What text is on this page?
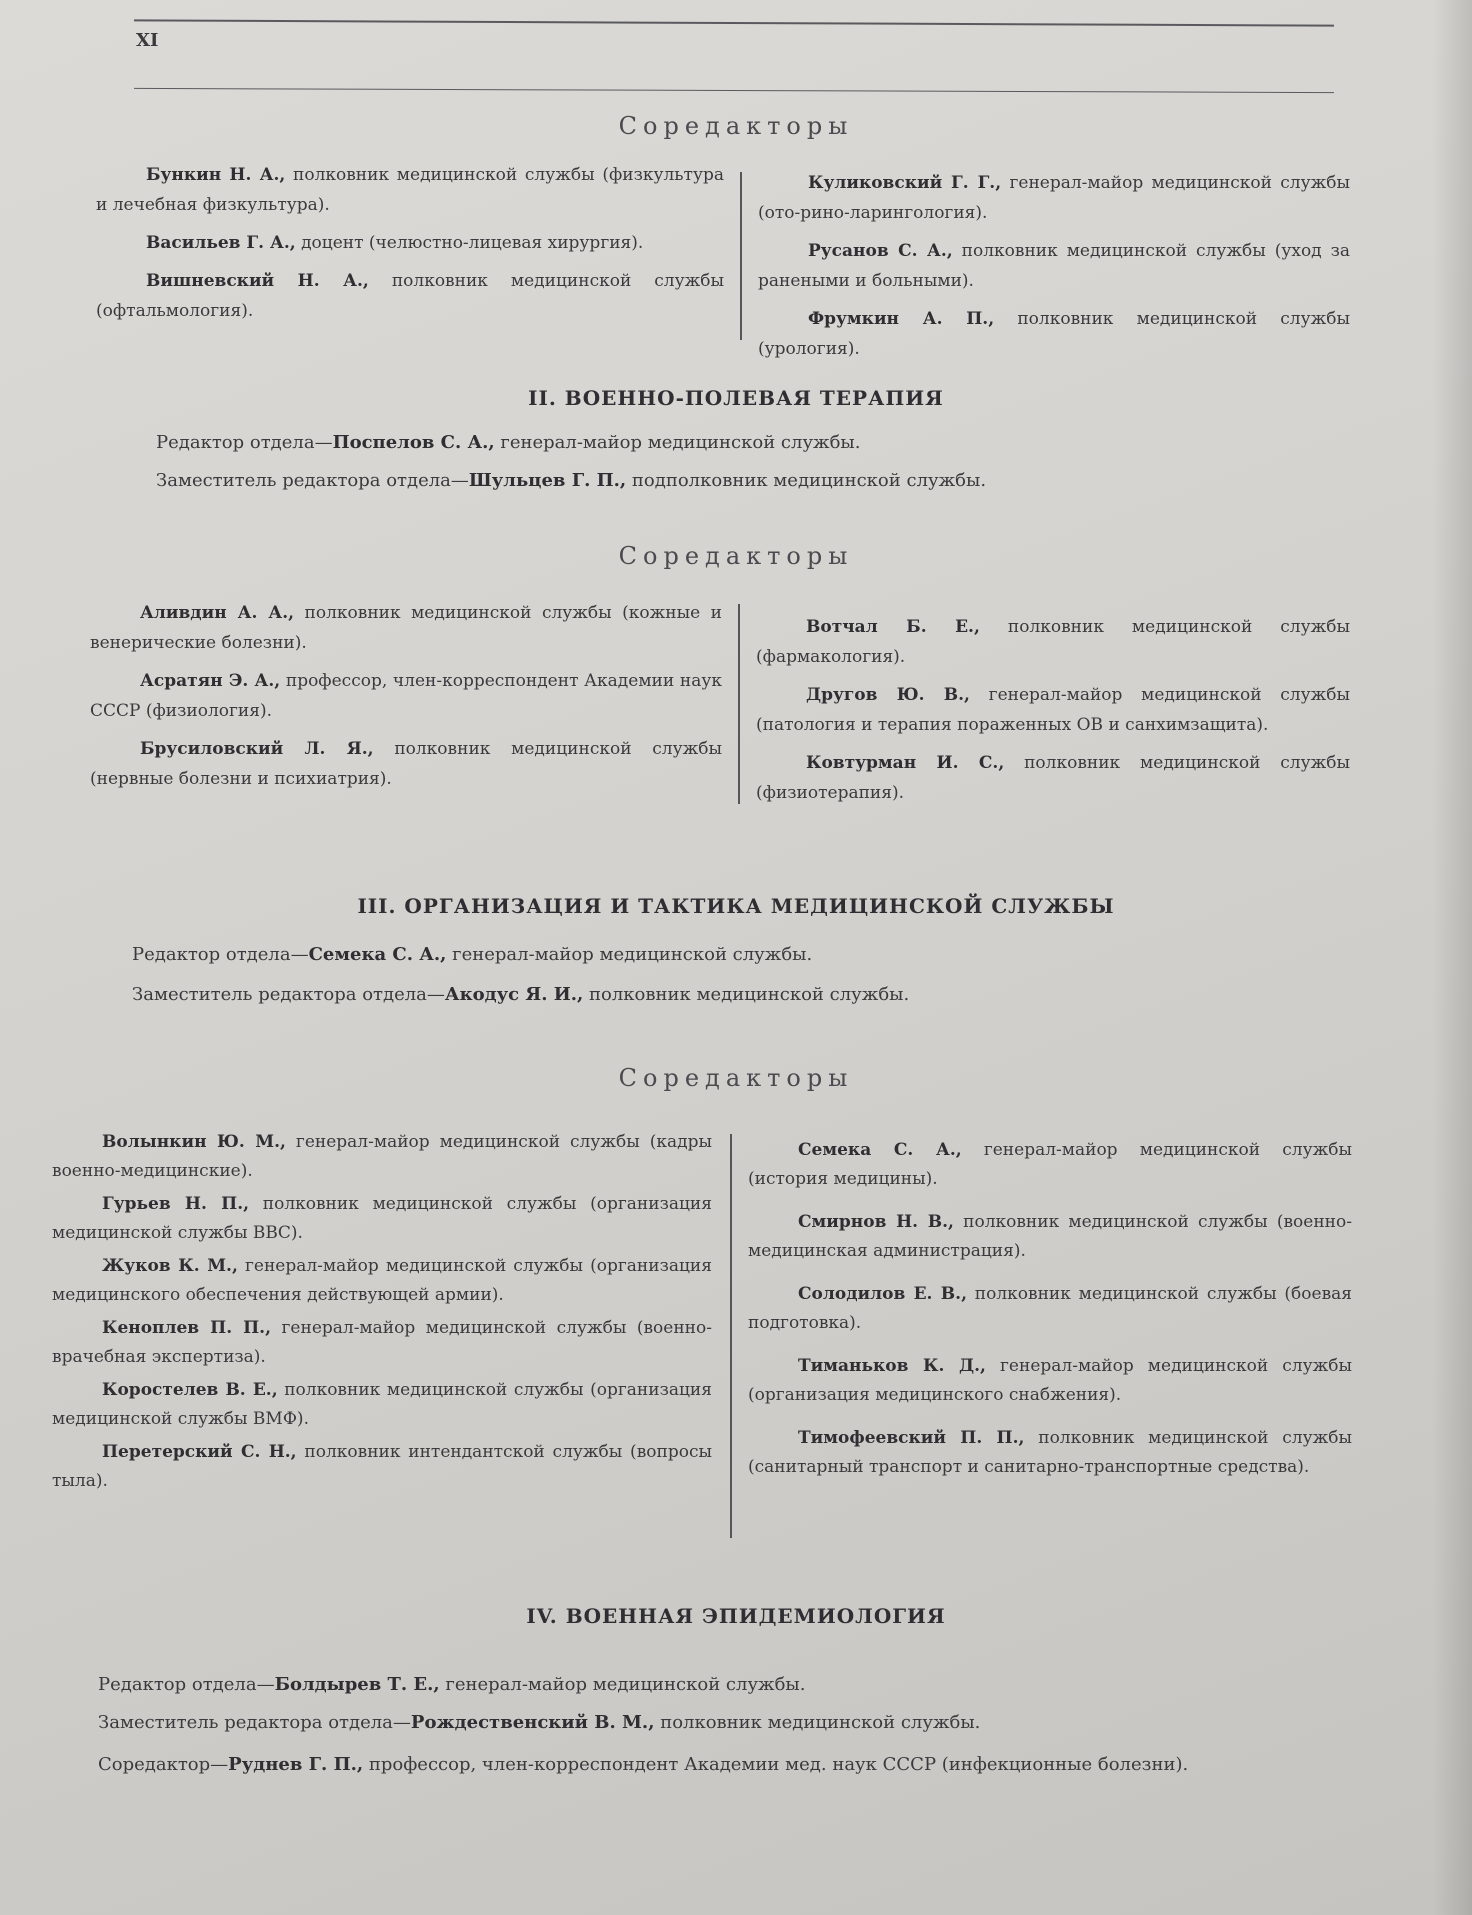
XI
Соредакторы

Бункин Н. А., полковник медицинской службы (физкультура и лечебная физкультура).

Васильев Г. А., доцент (челюстно-лицевая хирургия).

Вишневский Н. А., полковник медицинской службы (офтальмология).

Куликовский Г. Г., генерал-майор медицинской службы (ото-рино-ларингология).

Русанов С. А., полковник медицинской службы (уход за ранеными и больными).

Фрумкин А. П., полковник медицинской службы (урология).

II. ВОЕННО-ПОЛЕВАЯ ТЕРАПИЯ
Редактор отдела—Поспелов С. А., генерал-майор медицинской службы.
Заместитель редактора отдела—Шульцев Г. П., подполковник медицинской службы.
Соредакторы

Аливдин А. А., полковник медицинской службы (кожные и венерические болезни).

Асратян Э. А., профессор, член-корреспондент Академии наук СССР (физиология).

Брусиловский Л. Я., полковник медицинской службы (нервные болезни и психиатрия).

Вотчал Б. Е., полковник медицинской службы (фармакология).

Другов Ю. В., генерал-майор медицинской службы (патология и терапия пораженных ОВ и санхимзащита).

Ковтурман И. С., полковник медицинской службы (физиотерапия).

III. ОРГАНИЗАЦИЯ И ТАКТИКА МЕДИЦИНСКОЙ СЛУЖБЫ
Редактор отдела—Семека С. А., генерал-майор медицинской службы.
Заместитель редактора отдела—Акодус Я. И., полковник медицинской службы.
Соредакторы

Волынкин Ю. М., генерал-майор медицинской службы (кадры военно-медицинские).

Гурьев Н. П., полковник медицинской службы (организация медицинской службы ВВС).

Жуков К. М., генерал-майор медицинской службы (организация медицинского обеспечения действующей армии).

Кеноплев П. П., генерал-майор медицинской службы (военно-врачебная экспертиза).

Коростелев В. Е., полковник медицинской службы (организация медицинской службы ВМФ).

Перетерский С. Н., полковник интендантской службы (вопросы тыла).

Семека С. А., генерал-майор медицинской службы (история медицины).

Смирнов Н. В., полковник медицинской службы (военно-медицинская администрация).

Солодилов Е. В., полковник медицинской службы (боевая подготовка).

Тиманьков К. Д., генерал-майор медицинской службы (организация медицинского снабжения).

Тимофеевский П. П., полковник медицинской службы (санитарный транспорт и санитарно-транспортные средства).

IV. ВОЕННАЯ ЭПИДЕМИОЛОГИЯ
Редактор отдела—Болдырев Т. Е., генерал-майор медицинской службы.
Заместитель редактора отдела—Рождественский В. М., полковник медицинской службы.
Соредактор—Руднев Г. П., профессор, член-корреспондент Академии мед. наук СССР (инфекционные болезни).
